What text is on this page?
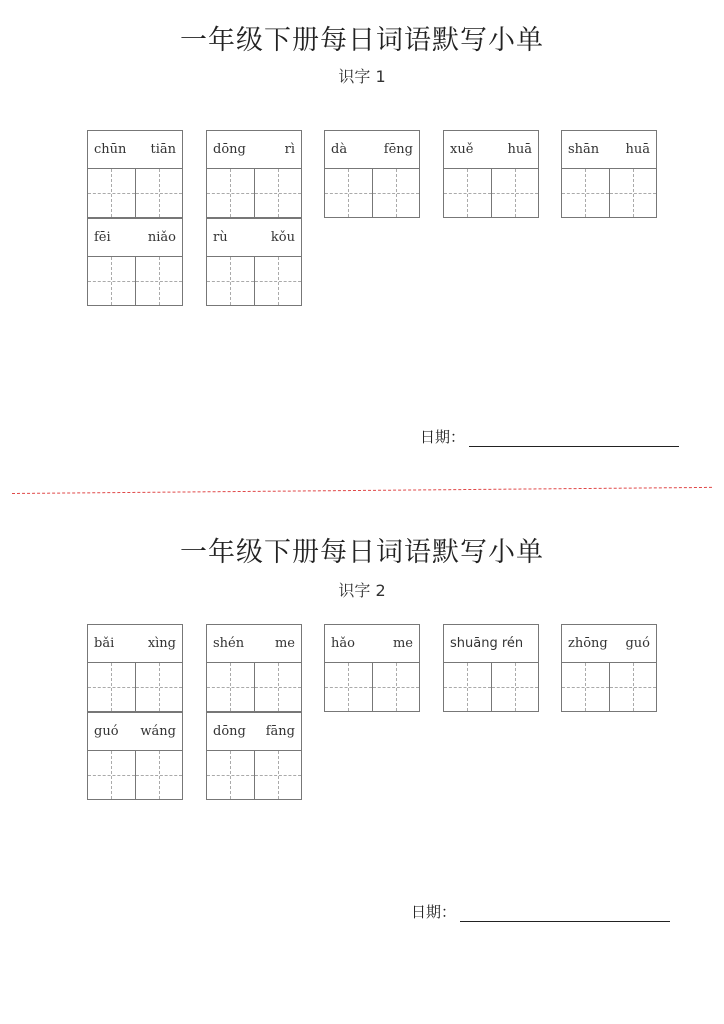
一年级下册每日词语默写小单
识字 1
chūn tiān	dōng	rì	dà	fēng	xuě	huā	shān huā
fēi	niǎo	rù	kǒu
日期：
一年级下册每日词语默写小单
识字 2
bǎi	xìng	shén me	hǎo	me	shuāng rén	zhōng guó
guó wáng	dōng fāng
日期：
